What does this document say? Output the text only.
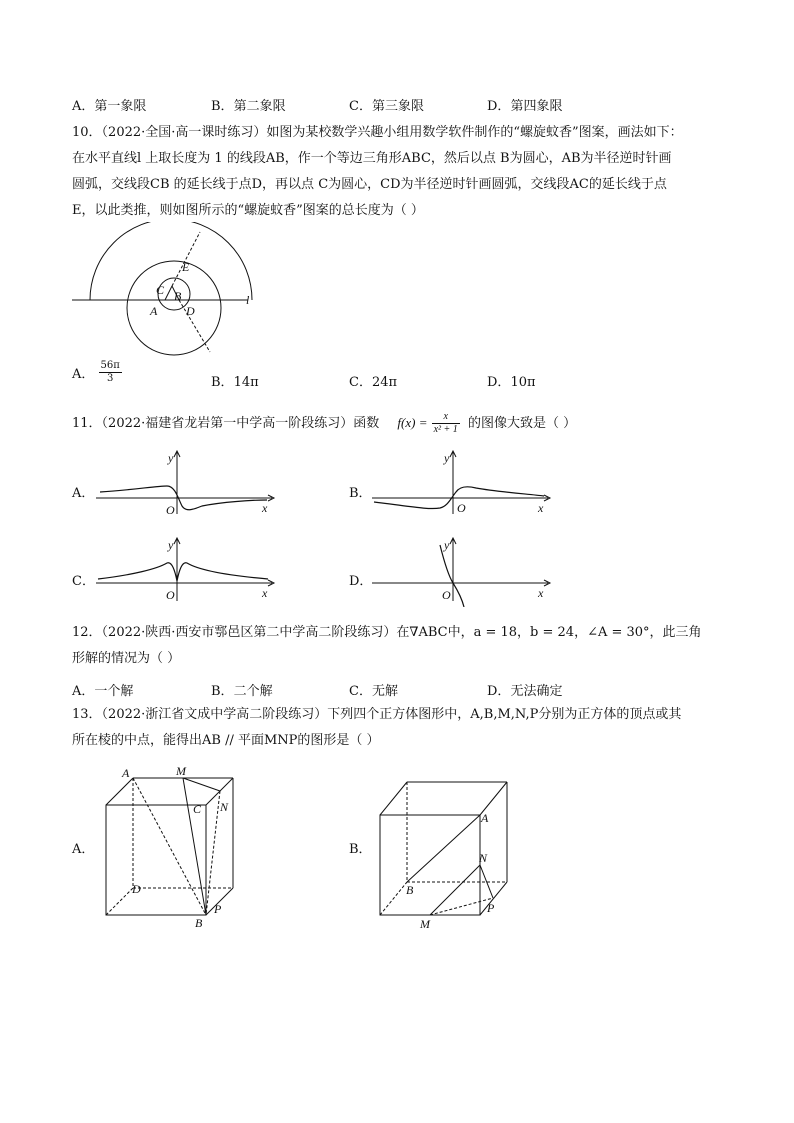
A．第一象限	B．第二象限	C．第三象限	D．第四象限
10．（2022·全国·高一课时练习）如图为某校数学兴趣小组用数学软件制作的“螺旋蚊香”图案，画法如下：
在水平直线l 上取长度为 1 的线段AB，作一个等边三角形ABC，然后以点 B为圆心，AB为半径逆时针画
圆弧，交线段CB 的延长线于点D，再以点 C为圆心，CD为半径逆时针画圆弧，交线段AC的延长线于点
E，以此类推，则如图所示的“螺旋蚊香”图案的总长度为（ ）
C B
A D
E
l
A． $\frac{56\pi}{3}$	B．14π	C．24π	D．10π
11．（2022·福建省龙岩第一中学高一阶段练习）函数 $f(x) = \frac{x}{\text{x² + 1}}$ 的图像大致是（ ）
A．	B．
C．	D．
y
O	x
y
O	x
y
O	x
y
O	x
12．（2022·陕西·西安市鄠邑区第二中学高二阶段练习）在∇ABC中，a = 18，b = 24，∠A = 30°，此三角
形解的情况为（ ）
A．一个解	B．二个解	C．无解	D．无法确定
13．（2022·浙江省文成中学高二阶段练习）下列四个正方体图形中，A,B,M,N,P分别为正方体的顶点或其
所在棱的中点，能得出AB // 平面MNP的图形是（ ）
A．	B．
A	M
C N
D
B
P
A
N
B
P
M
